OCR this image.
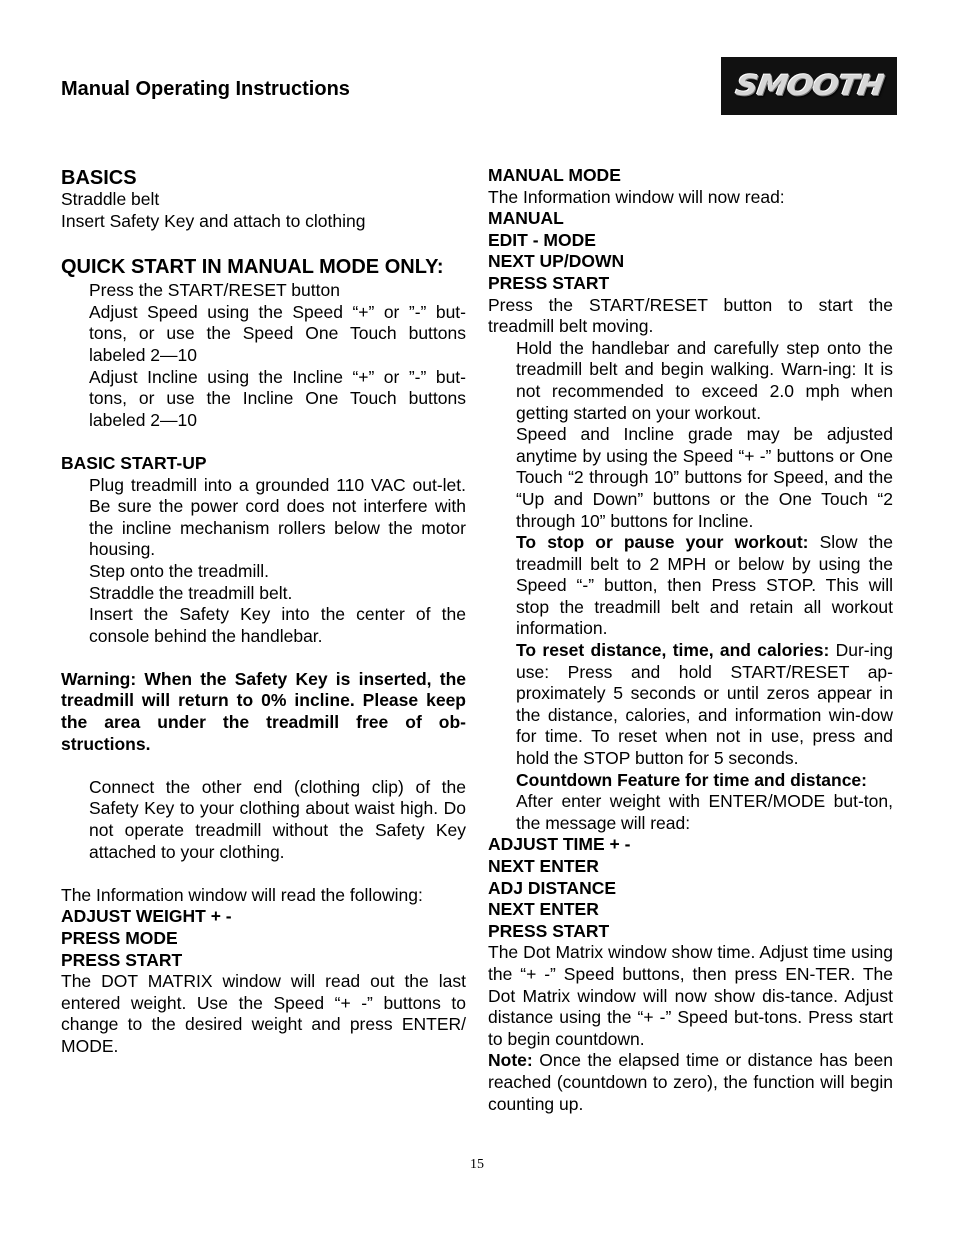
Manual Operating Instructions	SMOOTH

BASICS

Straddle belt

Insert Safety Key and attach to clothing

QUICK START IN MANUAL MODE ONLY:

Press the START/RESET button

Adjust Speed using the Speed “+” or ”-” but-tons, or use the Speed One Touch buttons labeled 2—10

Adjust Incline using the Incline “+” or ”-” but-tons, or use the Incline One Touch buttons labeled 2—10

BASIC START-UP

Plug treadmill into a grounded 110 VAC out-let. Be sure the power cord does not interfere with the incline mechanism rollers below the motor housing.

Step onto the treadmill.

Straddle the treadmill belt.

Insert the Safety Key into the center of the console behind the handlebar.

Warning: When the Safety Key is inserted, the treadmill will return to 0% incline. Please keep the area under the treadmill free of ob-structions.

Connect the other end (clothing clip) of the Safety Key to your clothing about waist high. Do not operate treadmill without the Safety Key attached to your clothing.

The Information window will read the following:

ADJUST WEIGHT + -

PRESS MODE

PRESS START

The DOT MATRIX window will read out the last entered weight. Use the Speed “+ -” buttons to change to the desired weight and press ENTER/ MODE.

MANUAL MODE

The Information window will now read:

MANUAL

EDIT - MODE

NEXT UP/DOWN

PRESS START

Press the START/RESET button to start the treadmill belt moving.

Hold the handlebar and carefully step onto the treadmill belt and begin walking. Warn-ing: It is not recommended to exceed 2.0 mph when getting started on your workout.

Speed and Incline grade may be adjusted anytime by using the Speed “+ -” buttons or One Touch “2 through 10” buttons for Speed, and the “Up and Down” buttons or the One Touch “2 through 10” buttons for Incline.

To stop or pause your workout: Slow the treadmill belt to 2 MPH or below by using the Speed “-” button, then Press STOP. This will stop the treadmill belt and retain all workout information.

To reset distance, time, and calories: Dur-ing use: Press and hold START/RESET ap-proximately 5 seconds or until zeros appear in the distance, calories, and information win-dow for time. To reset when not in use, press and hold the STOP button for 5 seconds.

Countdown Feature for time and distance:

After enter weight with ENTER/MODE but-ton, the message will read:

ADJUST TIME + -

NEXT ENTER

ADJ DISTANCE

NEXT ENTER

PRESS START

The Dot Matrix window show time. Adjust time using the “+ -” Speed buttons, then press EN-TER. The Dot Matrix window will now show dis-tance. Adjust distance using the “+ -” Speed but-tons. Press start to begin countdown.

Note: Once the elapsed time or distance has been reached (countdown to zero), the function will begin counting up.

15
